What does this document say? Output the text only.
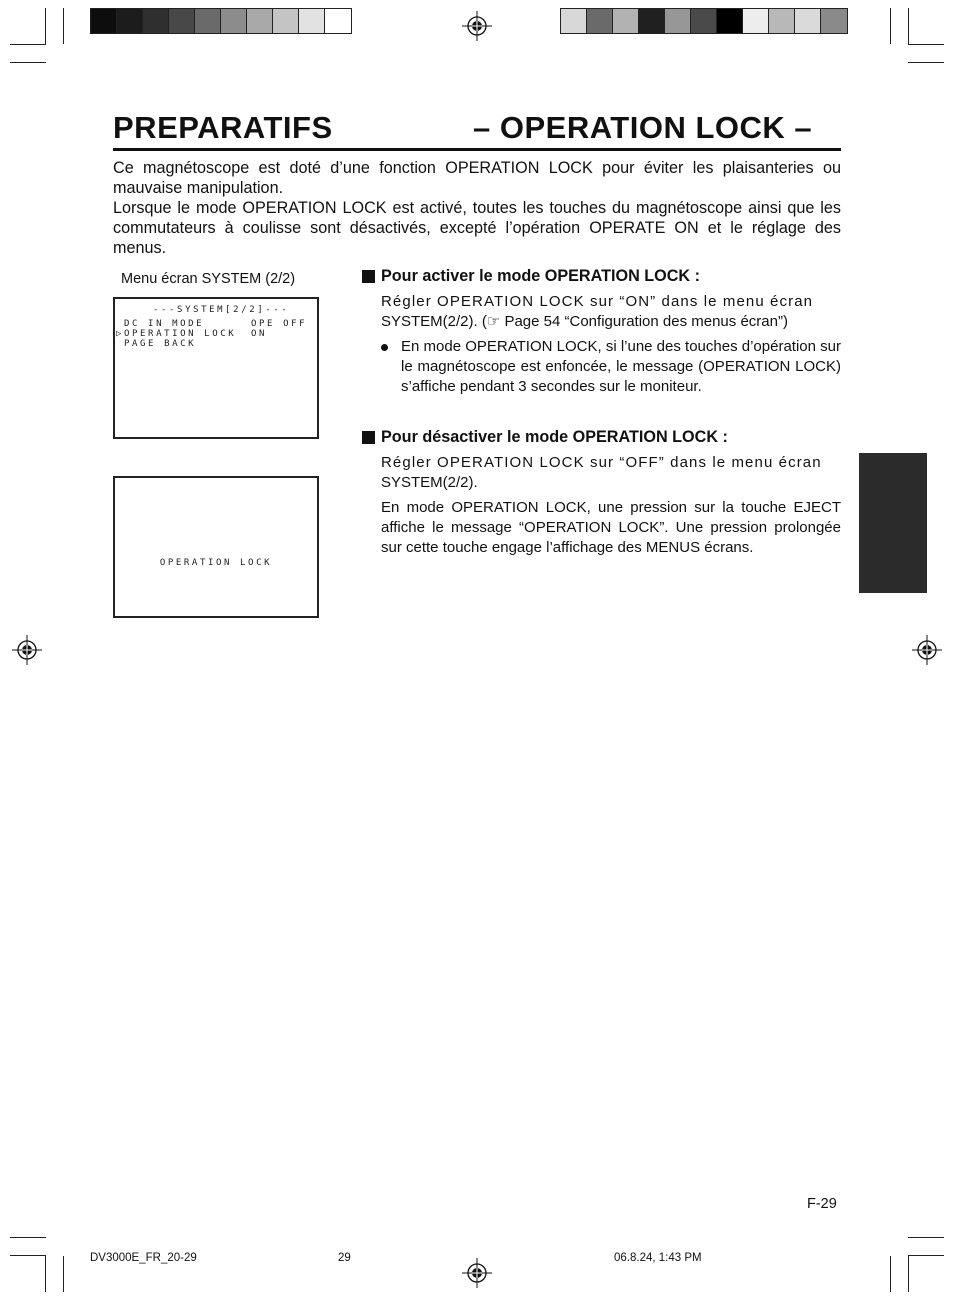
PREPARATIFS	– OPERATION LOCK –

Ce magnétoscope est doté d’une fonction OPERATION LOCK pour éviter les plaisanteries ou mauvaise manipulation.

Lorsque le mode OPERATION LOCK est activé, toutes les touches du magnétoscope ainsi que les commutateurs à coulisse sont désactivés, excepté l’opération OPERATE ON et le réglage des menus.

Menu écran SYSTEM (2/2)
---SYSTEM[2/2]---
DC IN MODE	OPE OFF
▷ OPERATION LOCK ON
PAGE BACK
OPERATION LOCK
Pour activer le mode OPERATION LOCK :
Régler OPERATION LOCK sur “ON” dans le menu écran
SYSTEM(2/2). (☞ Page 54 “Configuration des menus écran”)
En mode OPERATION LOCK, si l’une des touches d’opération sur le magnétoscope est enfoncée, le message (OPERATION LOCK) s’affiche pendant 3 secondes sur le moniteur.
Pour désactiver le mode OPERATION LOCK :
Régler OPERATION LOCK sur “OFF” dans le menu écran
SYSTEM(2/2).
En mode OPERATION LOCK, une pression sur la touche EJECT affiche le message “OPERATION LOCK”. Une pression prolongée sur cette touche engage l’affichage des MENUS écrans.
F-29
DV3000E_FR_20-29	29	06.8.24, 1:43 PM
